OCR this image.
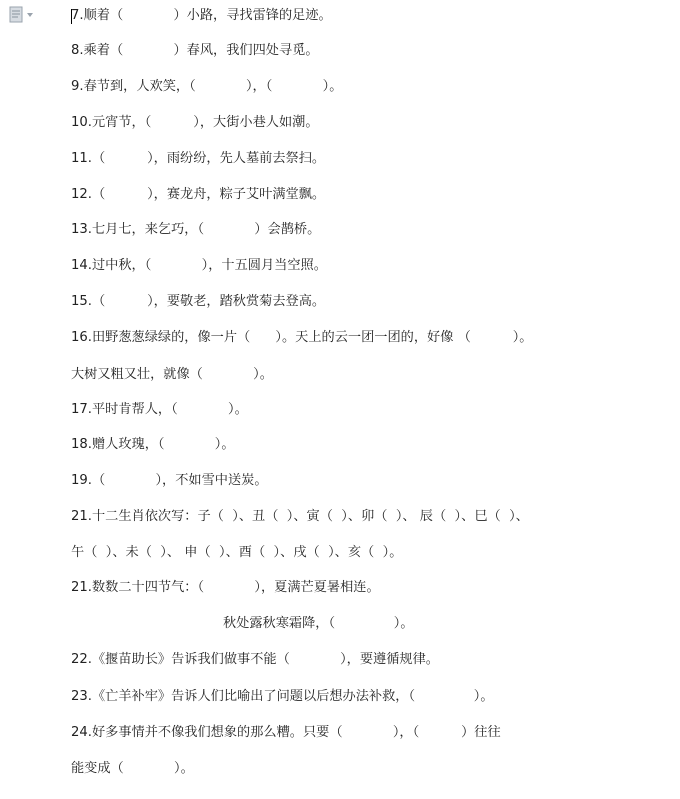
7.顺着（            ）小路，寻找雷锋的足迹。
8.乘着（            ）春风，我们四处寻觅。
9.春节到，人欢笑，（            ），（            ）。
10.元宵节，（          ），大街小巷人如潮。
11.（          ），雨纷纷，先人墓前去祭扫。
12.（          ），赛龙舟，粽子艾叶满堂飘。
13.七月七，来乞巧，（            ）会鹊桥。
14.过中秋，（            ），十五圆月当空照。
15.（          ），要敬老，踏秋赏菊去登高。
16.田野葱葱绿绿的，像一片（      ）。天上的云一团一团的，好像 （          ）。
大树又粗又壮，就像（            ）。
17.平时肯帮人，（            ）。
18.赠人玫瑰，（            ）。
19.（            ），不如雪中送炭。
21.十二生肖依次写：子（  ）、丑（  ）、寅（  ）、卯（  ）、 辰（  ）、巳（  ）、
午（  ）、未（  ）、 申（  ）、酉（  ）、戌（  ）、亥（  ）。
21.数数二十四节气：（            ），夏满芒夏暑相连。
秋处露秋寒霜降，（              ）。
22.《揠苗助长》告诉我们做事不能（            ），要遵循规律。
23.《亡羊补牢》告诉人们比喻出了问题以后想办法补救，（              ）。
24.好多事情并不像我们想象的那么糟。只要（            ），（          ）往往
能变成（            ）。
